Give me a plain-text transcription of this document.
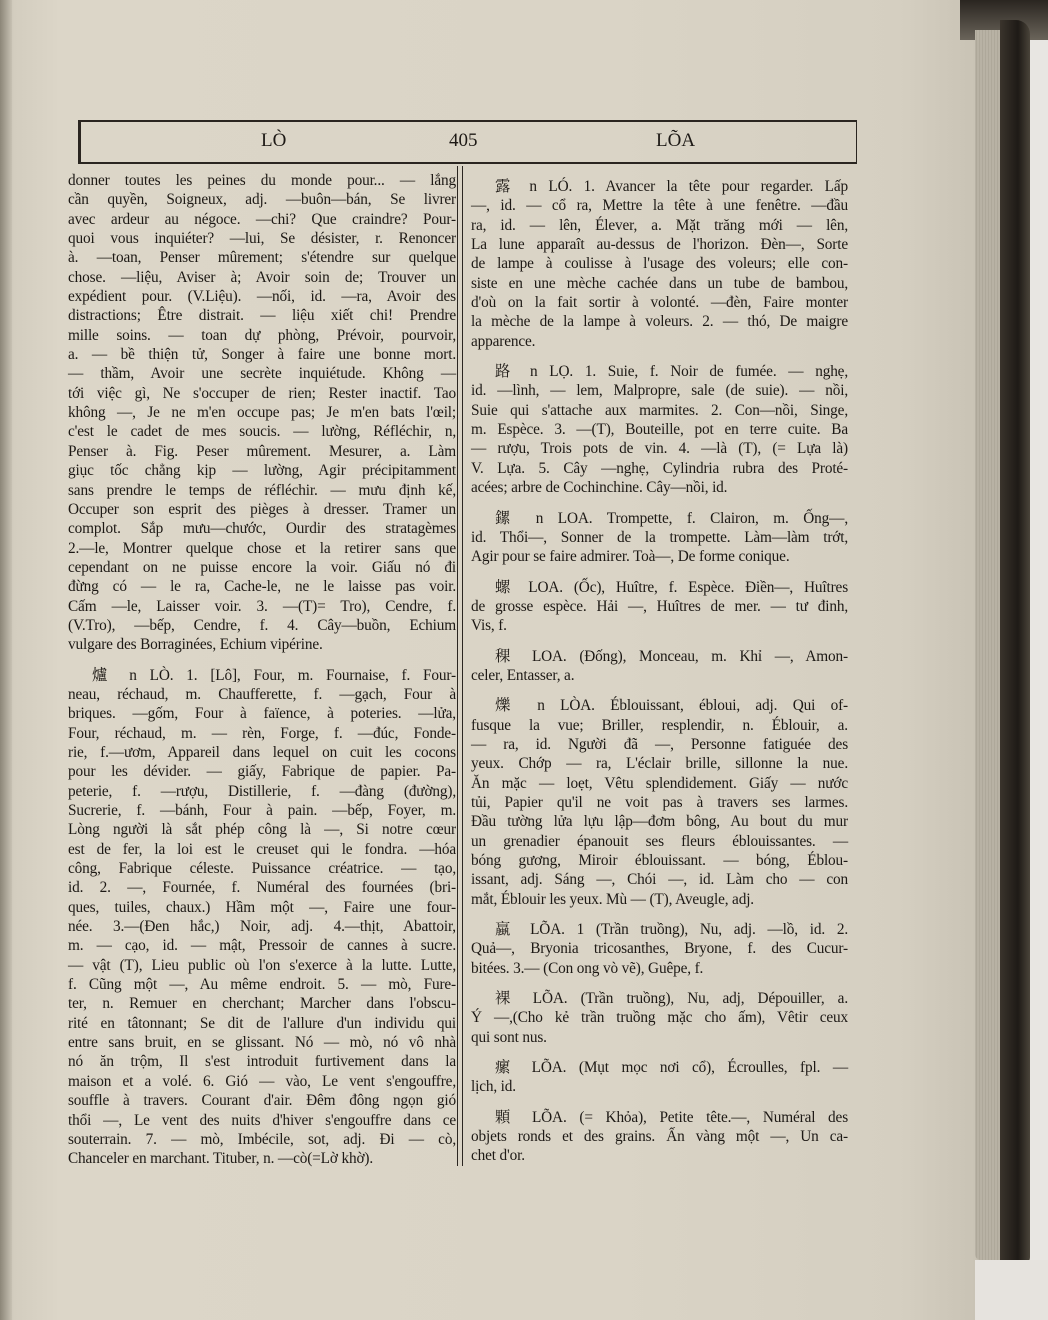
LÒ	405	LÕA
donner toutes les peines du monde pour... — lắng
cần quyền, Soigneux, adj. —buôn—bán, Se livrer
avec ardeur au négoce. —chi? Que craindre? Pour-
quoi vous inquiéter? —lui, Se désister, r. Renoncer
à. —toan, Penser mûrement; s'étendre sur quelque
chose. —liệu, Aviser à; Avoir soin de; Trouver un
expédient pour. (V.Liệu). —nối, id. —ra, Avoir des
distractions; Être distrait. — liệu xiết chi! Prendre
mille soins. — toan dự phòng, Prévoir, pourvoir,
a. — bề thiện tử, Songer à faire une bonne mort.
— thầm, Avoir une secrète inquiétude. Không —
tới việc gì, Ne s'occuper de rien; Rester inactif. Tao
không —, Je ne m'en occupe pas; Je m'en bats l'œil;
c'est le cadet de mes soucis. — lường, Réfléchir, n,
Penser à. Fig. Peser mûrement. Mesurer, a. Làm
giục tốc chẳng kịp — lường, Agir précipitamment
sans prendre le temps de réfléchir. — mưu định kế,
Occuper son esprit des pièges à dresser. Tramer un
complot. Sắp mưu—chước, Ourdir des stratagèmes
2.—le, Montrer quelque chose et la retirer sans que
cependant on ne puisse encore la voir. Giấu nó đi
đừng có — le ra, Cache-le, ne le laisse pas voir.
Cấm —le, Laisser voir. 3. —(T)= Tro), Cendre, f.
(V.Tro), —bếp, Cendre, f. 4. Cây—buồn, Echium
vulgare des Borraginées, Echium vipérine.
爐 n LÒ. 1. [Lô], Four, m. Fournaise, f. Four-
neau, réchaud, m. Chaufferette, f. —gạch, Four à
briques. —gốm, Four à faïence, à poteries. —lửa,
Four, réchaud, m. — rèn, Forge, f. —đúc, Fonde-
rie, f.—ươm, Appareil dans lequel on cuit les cocons
pour les dévider. — giấy, Fabrique de papier. Pa-
peterie, f. —rượu, Distillerie, f. —đàng (đường),
Sucrerie, f. —bánh, Four à pain. —bếp, Foyer, m.
Lòng người là sắt phép công là —, Si notre cœur
est de fer, la loi est le creuset qui le fondra. —hóa
công, Fabrique céleste. Puissance créatrice. — tạo,
id. 2. —, Fournée, f. Numéral des fournées (bri-
ques, tuiles, chaux.) Hầm một —, Faire une four-
née. 3.—(Đen hắc,) Noir, adj. 4.—thịt, Abattoir,
m. — cạo, id. — mật, Pressoir de cannes à sucre.
— vật (T), Lieu public où l'on s'exerce à la lutte. Lutte,
f. Cũng một —, Au même endroit. 5. — mò, Fure-
ter, n. Remuer en cherchant; Marcher dans l'obscu-
rité en tâtonnant; Se dit de l'allure d'un individu qui
entre sans bruit, en se glissant. Nó — mò, nó vô nhà
nó ăn trộm, Il s'est introduit furtivement dans la
maison et a volé. 6. Gió — vào, Le vent s'engouffre,
souffle à travers. Courant d'air. Đêm đông ngọn gió
thổi —, Le vent des nuits d'hiver s'engouffre dans ce
souterrain. 7. — mò, Imbécile, sot, adj. Đi — cò,
Chanceler en marchant. Tituber, n. —cò(=Lờ khờ).
露 n LÓ. 1. Avancer la tête pour regarder. Lấp
—, id. — cổ ra, Mettre la tête à une fenêtre. —đầu
ra, id. — lên, Élever, a. Mặt trăng mới — lên,
La lune apparaît au-dessus de l'horizon. Đèn—, Sorte
de lampe à coulisse à l'usage des voleurs; elle con-
siste en une mèche cachée dans un tube de bambou,
d'où on la fait sortir à volonté. —đèn, Faire monter
la mèche de la lampe à voleurs. 2. — thó, De maigre
apparence.
路 n LỌ. 1. Suie, f. Noir de fumée. — nghẹ,
id. —lình, — lem, Malpropre, sale (de suie). — nồi,
Suie qui s'attache aux marmites. 2. Con—nồi, Singe,
m. Espèce. 3. —(T), Bouteille, pot en terre cuite. Ba
— rượu, Trois pots de vin. 4. —là (T), (= Lựa là)
V. Lựa. 5. Cây —nghẹ, Cylindria rubra des Proté-
acées; arbre de Cochinchine. Cây—nồi, id.
鏍 n LOA. Trompette, f. Clairon, m. Ống—,
id. Thổi—, Sonner de la trompette. Làm—làm trớt,
Agir pour se faire admirer. Toà—, De forme conique.
螺 LOA. (Ốc), Huître, f. Espèce. Điền—, Huîtres
de grosse espèce. Hải —, Huîtres de mer. — tư đinh,
Vis, f.
稞 LOA. (Đống), Monceau, m. Khỉ —, Amon-
celer, Entasser, a.
爍 n LÒA. Éblouissant, ébloui, adj. Qui of-
fusque la vue; Briller, resplendir, n. Éblouir, a.
— ra, id. Người đã —, Personne fatiguée des
yeux. Chớp — ra, L'éclair brille, sillonne la nue.
Ăn mặc — loẹt, Vêtu splendidement. Giấy — nước
tủi, Papier qu'il ne voit pas à travers ses larmes.
Đầu tường lửa lựu lập—đơm bông, Au bout du mur
un grenadier épanouit ses fleurs éblouissantes. —
bóng gương, Miroir éblouissant. — bóng, Éblou-
issant, adj. Sáng —, Chói —, id. Làm cho — con
mắt, Éblouir les yeux. Mù — (T), Aveugle, adj.
蠃 LÕA. 1 (Trần truồng), Nu, adj. —lồ, id. 2.
Quả—, Bryonia tricosanthes, Bryone, f. des Cucur-
bitées. 3.— (Con ong vò vẽ), Guêpe, f.
裸 LÕA. (Trần truồng), Nu, adj, Dépouiller, a.
Ý —,(Cho kẻ trần truồng mặc cho ấm), Vêtir ceux
qui sont nus.
瘰 LÕA. (Mụt mọc nơi cổ), Écroulles, fpl. —
lịch, id.
顆 LÕA. (= Khỏa), Petite tête.—, Numéral des
objets ronds et des grains. Ấn vàng một —, Un ca-
chet d'or.
